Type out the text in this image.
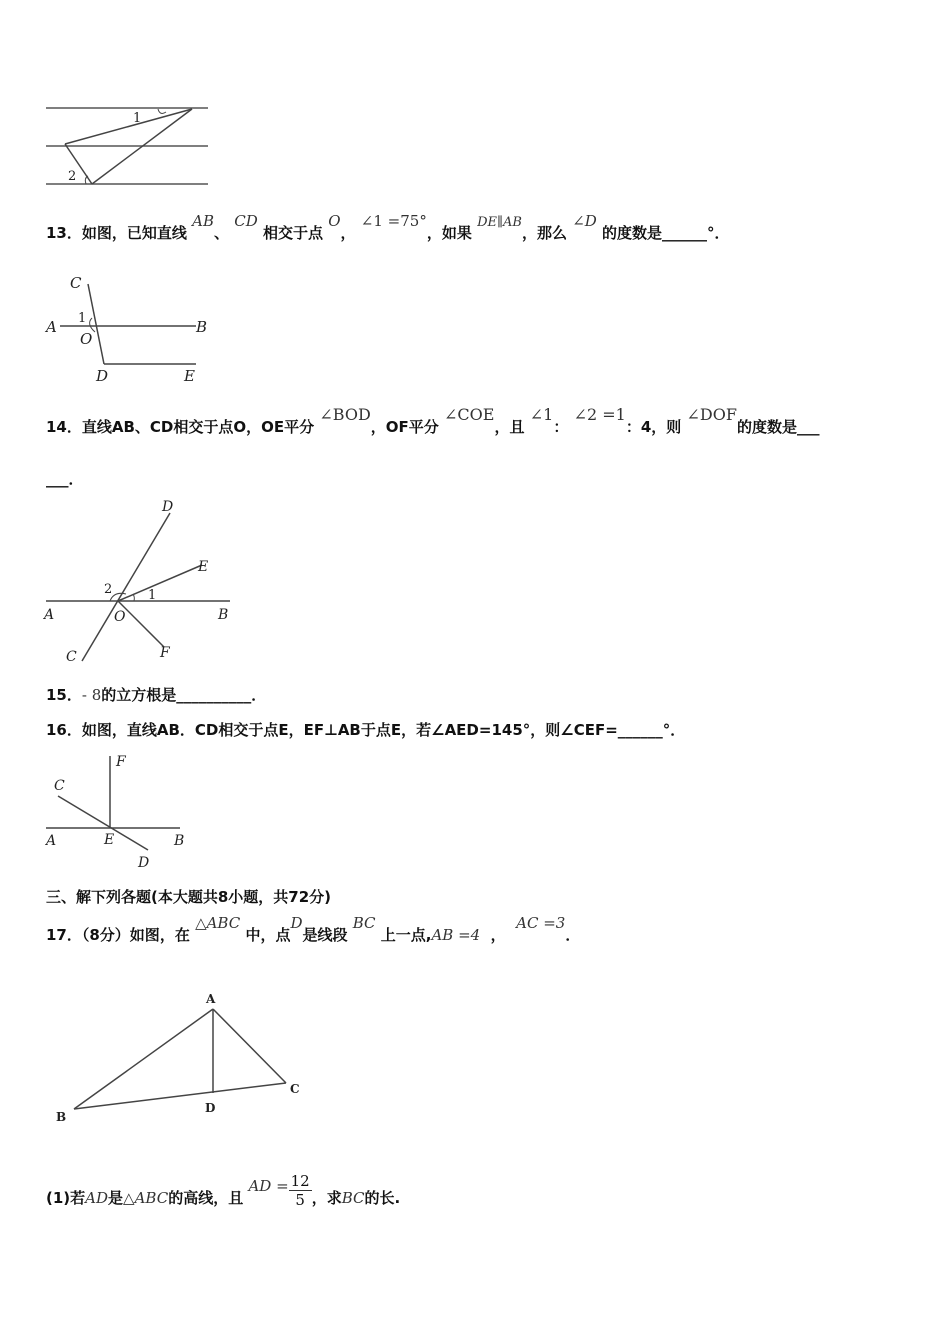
1
2
13．如图，已知直线 AB、 CD 相交于点 O， ∠1 =75°，如果 DE∥AB，那么 ∠D 的度数是______°．
C
A	B
1
O
D	E
14．直线AB、CD相交于点O，OE平分 ∠BOD，OF平分 ∠COE，且 ∠1： ∠2 =1：4，则 ∠DOF的度数是___
___．
D
E
2	1
A	O	B
C	F
15．- 8的立方根是__________．
16．如图，直线AB．CD相交于点E，EF⊥AB于点E，若∠AED=145°，则∠CEF=______°．
F
C
A	E	B
D
三、解下列各题(本大题共8小题，共72分)
17．（8分）如图，在 △ABC 中，点D是线段 BC 上一点,AB =4 ，  AC =3．
A
B
C
D
(1)若AD是△ABC的高线，且 AD = $\frac{12}{5}$ ，求BC的长.
